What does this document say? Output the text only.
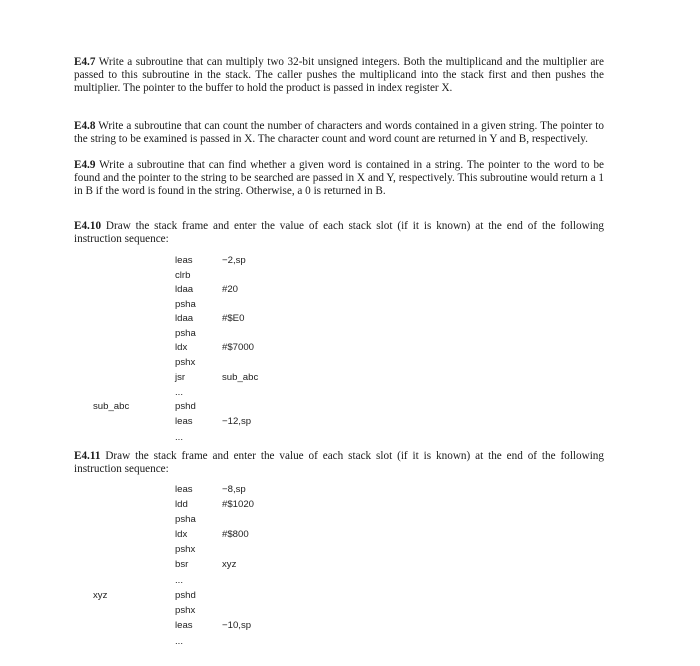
E4.7 Write a subroutine that can multiply two 32-bit unsigned integers. Both the multiplicand and the multiplier are passed to this subroutine in the stack. The caller pushes the multiplicand into the stack first and then pushes the multiplier. The pointer to the buffer to hold the product is passed in index register X.
E4.8 Write a subroutine that can count the number of characters and words contained in a given string. The pointer to the string to be examined is passed in X. The character count and word count are returned in Y and B, respectively.
E4.9 Write a subroutine that can find whether a given word is contained in a string. The pointer to the word to be found and the pointer to the string to be searched are passed in X and Y, respectively. This subroutine would return a 1 in B if the word is found in the string. Otherwise, a 0 is returned in B.
E4.10 Draw the stack frame and enter the value of each stack slot (if it is known) at the end of the following instruction sequence:
leas	−2,sp
clrb
ldaa	#20
psha
ldaa	#$E0
psha
ldx	#$7000
pshx
jsr	sub_abc
...
sub_abc	pshd
leas	−12,sp
...
E4.11 Draw the stack frame and enter the value of each stack slot (if it is known) at the end of the following instruction sequence:
leas	−8,sp
ldd	#$1020
psha
ldx	#$800
pshx
bsr	xyz
...
xyz	pshd
pshx
leas	−10,sp
...
